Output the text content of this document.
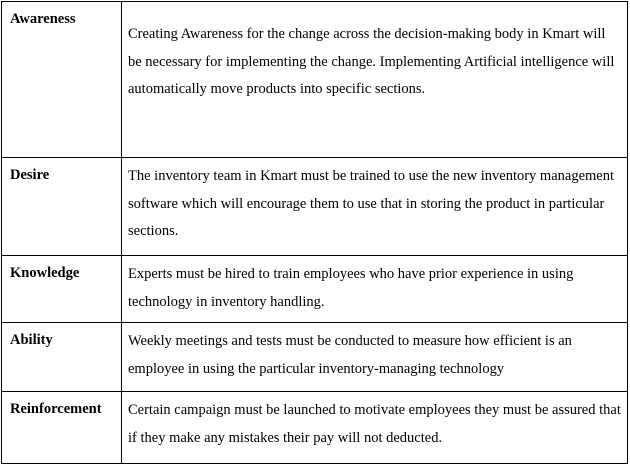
Awareness	Creating Awareness for the change across the decision-making body in Kmart will be necessary for implementing the change. Implementing Artificial intelligence will automatically move products into specific sections.
Desire	The inventory team in Kmart must be trained to use the new inventory management software which will encourage them to use that in storing the product in particular sections.
Knowledge	Experts must be hired to train employees who have prior experience in using technology in inventory handling.
Ability	Weekly meetings and tests must be conducted to measure how efficient is an employee in using the particular inventory-managing technology
Reinforcement	Certain campaign must be launched to motivate employees they must be assured that if they make any mistakes their pay will not deducted.
